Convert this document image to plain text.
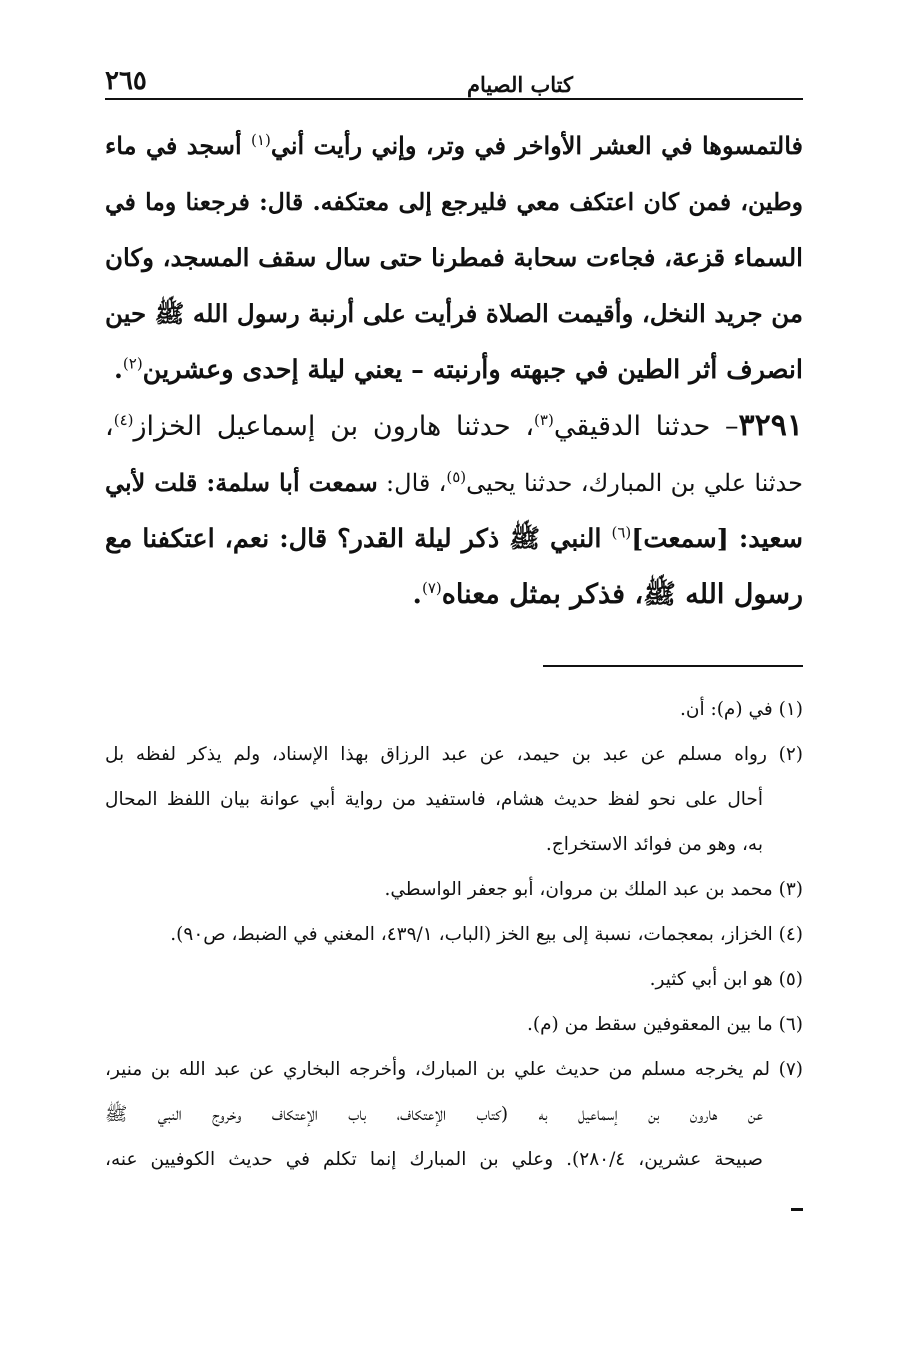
كتاب الصيام
٢٦٥
فالتمسوها في العشر الأواخر في وتر، وإني رأيت أني$^{(١)}$ أسجد في ماء
وطين، فمن كان اعتكف معي فليرجع إلى معتكفه. قال: فرجعنا وما في
السماء قزعة، فجاءت سحابة فمطرنا حتى سال سقف المسجد، وكان
من جريد النخل، وأقيمت الصلاة فرأيت على أرنبة رسول الله ﷺ حين
انصرف أثر الطين في جبهته وأرنبته – يعني ليلة إحدى وعشرين$^{(٢)}$.
٣٢٩١– حدثنا الدقيقي$^{(٣)}$، حدثنا هارون بن إسماعيل الخزاز$^{(٤)}$،
حدثنا علي بن المبارك، حدثنا يحيى$^{(٥)}$، قال: سمعت أبا سلمة: قلت لأبي
سعيد: [سمعت]$^{(٦)}$ النبي ﷺ ذكر ليلة القدر؟ قال: نعم، اعتكفنا مع
رسول الله ﷺ، فذكر بمثل معناه$^{(٧)}$.
(١) في (م): أن.
(٢) رواه مسلم عن عبد بن حيمد، عن عبد الرزاق بهذا الإسناد، ولم يذكر لفظه بل
أحال على نحو لفظ حديث هشام، فاستفيد من رواية أبي عوانة بيان اللفظ المحال
به، وهو من فوائد الاستخراج.
(٣) محمد بن عبد الملك بن مروان، أبو جعفر الواسطي.
(٤) الخزاز، بمعجمات، نسبة إلى بيع الخز (الباب، ٤٣٩/١، المغني في الضبط، ص٩٠).
(٥) هو ابن أبي كثير.
(٦) ما بين المعقوفين سقط من (م).
(٧) لم يخرجه مسلم من حديث علي بن المبارك، وأخرجه البخاري عن عبد الله بن منير،
عن هارون بن إسماعيل به (كتاب الإعتكاف، باب الإعتكاف وخروج النبي ﷺ
صبيحة عشرين، ٢٨٠/٤). وعلي بن المبارك إنما تكلم في حديث الكوفيين عنه،
